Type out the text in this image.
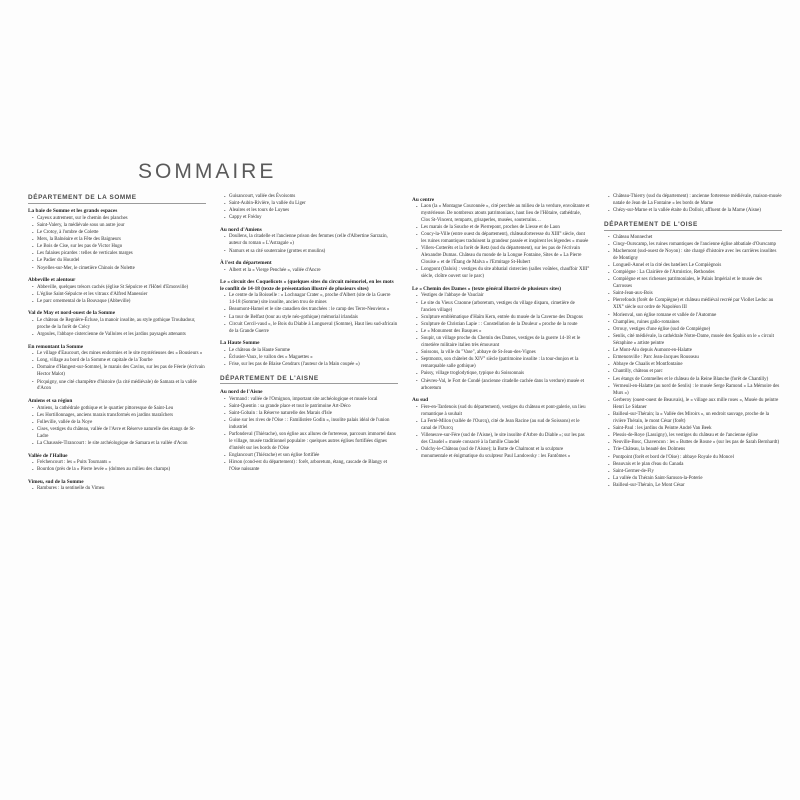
SOMMAIRE
DÉPARTEMENT DE LA SOMME
La baie de Somme et les grands espaces
• Cayeux autrement, sur le chemin des planches
• Saint-Valery, la médiévale sous un autre jour
• Le Crotoy, à l'ombre de Colette
• Mers, la Balnéaire et la Fête des Baigneurs
• Le Bois de Cise, sur les pas de Victor Hugo
• Les falaises picardes : telles de verticales marges
• Le Padier du Hourdel
• Noyelles-sur-Mer, le cimetière Chinois de Nolette
Abbeville et alentour
• Abbeville, quelques trésors cachés (église St Sépulcre et l'Hôtel d'Emonville)
• L'église Saint-Sépulcre et les vitraux d'Alfred Manessier
• Le parc ornemental de la Bouvaque (Abbeville)
Val de May et nord-ouest de la Somme
• Le château de Regnière-Écluse, la manoir insolite, au style gothique Troubadour, proche de la forêt de Crécy
• Argoules, l'abbaye cistercienne de Valloires et les jardins paysagés attenants
En remontant la Somme
• Le village d'Eaucourt, des mines endormies et le site mystérieuses des « Bousieurs »
• Long, village au bord de la Somme et capitale de la Tourbe
• Domaine d'Hangest-sur-Somme), le marais des Cavins, sur les pas de Féerie (écrivain Hector Malot)
• Picquigny, une cité champêtre d'histoire (la cité médiévale) de Samara et la vallée d'Acon
Amiens et sa région
• Amiens, la cathédrale gothique et le quartier pittoresque de Saint-Leu
• Les Hortillonnages, anciens marais transformés en jardins maraîchers
• Folleville, vallée de la Noye
• Cises, vestiges du château, vallée de l'Avre et Réserve naturelle des étangs de St-Ladre
• La Chaussée-Tirancourt : le site archéologique de Samara et la vallée d'Acon
Vallée de l'Hallue
• Fréchencourt : les « Puits Tournants »
• Bourdon (près de la « Pierre levée » (dolmen au milieu des champs)
Vimeu, sud de la Somme
• Rambures : la sentinelle du Vimeu
• Guisancourt, vallée des Évoisoms
• Saint-Aubin-Rivière, la vallée du Liger
• Aleaires et les tours de Luynes
• Cappy et Frédoy
Au nord d'Amiens
• Doullens, la citadelle et l'ancienne prison des femmes (celle d'Albertine Sarrazin, auteur du roman « L'Astragale »)
• Namurs et sa cité souterraine (grottes et moulins)
À l'est du département
• Albert et la « Vierge Penchée », vallée d'Ancre
Le « circuit des Coquelicots » (quelques sites du circuit mémoriel, en les mots le conflit de 14-18 (texte de présentation illustré de plusieurs sites)
• Le centre de la Boisselle : « Lochnagar Crater », proche d'Albert (site de la Guerre 14-18 (Somme) site insolite, ancien trou de mines
• Beaumont-Hamel et le site canadien des tranchées : le camp des Terre-Neuviens »
• La tour de Belfast (tour au style néo-gothique) mémorial irlandais
• Circuit Cercil-vaud », le Bois du Diable à Longueval (Somme), Haut lieu sud-africain de la Grande Guerre
La Haute Somme
• Le château de la Haute Somme
• Éclusier-Vaux, le vallon des « Maguettes »
• Frise, sur les pas de Blaise Cendrars (l'auteur de la Main coupée »)
DÉPARTEMENT DE L'AISNE
Au nord de l'Aisne
• Vermand : vallée de l'Omignon, important site archéologique et musée local
• Saint-Quentin : sa grande place et tout le patrimoine Art-Déco
• Saint-Gobain : la Réserve naturelle des Marais d'Isle
• Guise sur les rives de l'Oise : : Familistère Godin », insolite palais idéal de l'union industriel
• Parfondeval (Thiérache), son église aux allures de forteresse, parcours immortel dans le village, musée traditionnel populaire : quelques autres églises fortifiées dignes d'intérêt sur les bords de l'Oise
• Englancourt (Thiérache) et son église fortifiée
• Hirson (cond-est du département) : forêt, arboretum, étang, cascade de Blangy et l'Oise naissante
Au centre
• Laon (la « Montagne Couronnée », cité perchée au milieu de la verdure, envoûtante et mystérieuse. De nombreux atouts patrimoniaux, haut lieu de l'Hôtaire, cathédrale, Clos St-Vincent, remparts, grisaperles, musées, souterrains…
• Les marais de la Souche et de Pierrepont, proches de Liesse et de Laon
• Coucy-la-Ville (entre ouest du département), châteauforteresse du XIII° siècle, dont les ruines romantiques traduisent la grandeur passée et inspirent les légendes « musée
• Villers-Cotterêts et la forêt de Retz (sud du département), sur les pas de l'écrivain Alexandre Dumas. Château du monde de la Longue Fontaine, Sites de « La Pierre Clouise » et de l'Étang de Malva « l'Ermitage St-Hubert
• Longpont (Oalois) : vestiges du site abbatial cistercien (salles voûtées, chauffoir XIII° siècle, cloître ouvert sur le parc)
Le « Chemin des Dames » (texte général illustré de plusieurs sites)
• Vestiges de l'abbaye de Vauclair
• Le site du Vieux Craonne (arboretum, vestiges du village disparu, cimetière de l'ancien village)
• Sculpture emblématique d'Haïm Kern, entrée du musée de la Caverne des Dragons
• Sculpture de Christian Lapie : : Constellation de la Douleur « proche de la route
• Le « Monument des Basques »
• Soupir, un village proche du Chemin des Dames, vestiges de la guerre 14-18 et le cimetière militaire italien très émouvant
• Soissons, la ville du "Vase", abbaye de St-Jean-des-Vignes
• Septmonts, son châtelet du XIV° siècle (patrimoine insolite : la tour-donjon et la remarquable salle gothique)
• Paissy, village troglodytique, typique du Soissonnais
• Chèvres-Val, le Fort de Condé (ancienne citadelle cachée dans la verdure) musée et arboretum
Au sud
• Fère-en-Tardenois (sud du département), vestiges du château et pont-galerie, un lieu romantique à souhait
• La Ferté-Milon (vallée de l'Ourcq), cité de Jean Racine (au sud de Soissons) et le canal de l'Ourcq
• Villeneuve-sur-Fère (sud de l'Aisne), le site insolite d'Arbre du Diable »; sur les pas des Claudel « musée consacré à la famille Claudel
• Oulchy-le-Château (sud de l'Aisne); la Butte de Chalmont et la sculpture monumentale et énigmatique du sculpteur Paul Landowsky : les Fantômes »
• Château-Thierry (sud du département) : ancienne forteresse médiévale, maison-musée natale de Jean de La Fontaine « les bords de Marne
• Chézy-sur-Marne et la vallée étaite du Dolloir, affluent de la Marne (Aisne)
DÉPARTEMENT DE L'OISE
• Château Monnechet
• Cinqy-Ourscamp, les ruines romantiques de l'ancienne église abbatiale d'Ourscamp
• Machemont (sud-ouest de Noyon) : site chargé d'histoire avec les carrières insolites de Montigny
• Longueil-Annel et la cité des bateliers Le Compiègnois
• Compiègne : La Clairière de l'Armistice, Rethondes
• Compiègne et ses richesses patrimoniales, le Palais Impérial et le musée des Carrosses
• Saint-Jean-aux-Bois
• Pierrefonds (forêt de Compiègne) et château médiéval recréé par Viollet Leduc au XIX° siècle sur ordre de Napoléon III
• Morienval, son église romane et vallée de l'Automne
• Champlieu, ruines gallo-romaines
• Orrouy, vestiges d'une église (sud de Compiègne)
• Senlis, cité médiévale, la cathédrale Notre-Dame, musée des Spahis on le « circuit Séraphine » artiste peintre
• Le Mont-Alu depuis Aumont-en-Halatte
• Ermenonville : Parc Jean-Jacques Rousseau
• Abbaye de Chaalis et Montfontaine
• Chantilly, château et parc
• Les étangs de Commelles et le château de la Reine Blanche (forêt de Chantilly)
• Vermeuil-en-Halatte (au nord de Senlis) : le musée Serge Ramond « La Mémoire des Murs »)
• Gerberoy (ouest-ouest de Beauvais), le « village aux mille roses », Musée du peintre Henri Le Sidaner
• Bailleul-sur-Thérain; la « Vallée des Miroirs », un endroit sauvage, proche de la rivière Thérain, le mont César (forêt)
• Saint-Paul : les jardins du Peintre André Van Beek
• Plessis-de-Roye (Lassigny), les vestiges du château et de l'ancienne église
• Neuville-Bosc, Chavencon : les « Buttes de Rosne » (sur les pas de Sarah Bernhardt)
• Trie-Château, la beauté des Dolmens
• Pontpoint (forêt et bord de l'Oise) : abbaye Royale du Moncel
• Beauvais et le plan d'eau du Canada
• Saint-Germer-de-Fly
• La vallée du Thérain Saint-Samson-la-Poterie
• Bailleul-sur-Thérain, Le Mont César
